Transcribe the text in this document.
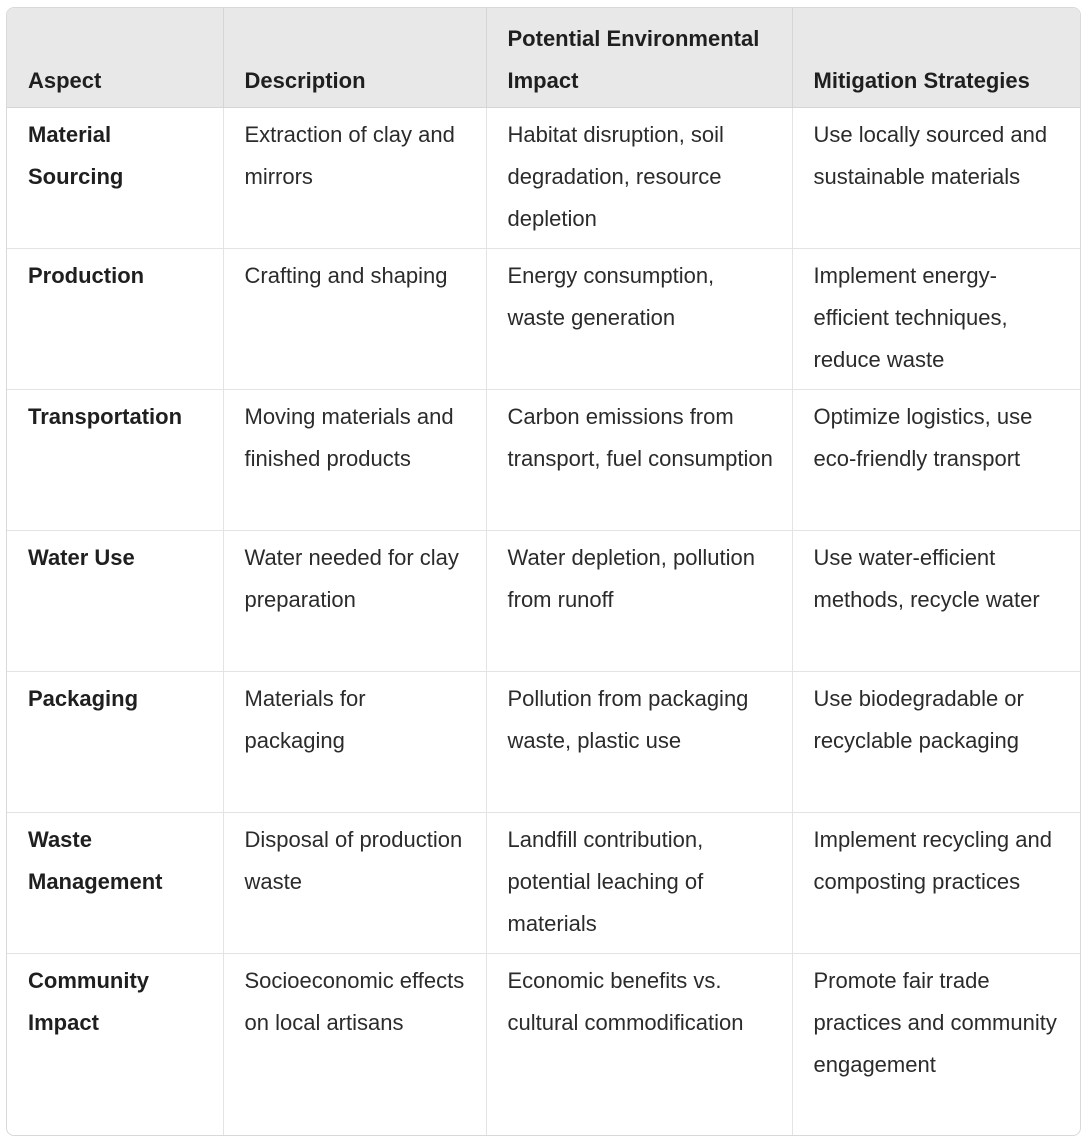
Aspect	Description	Potential Environmental Impact	Mitigation Strategies
Material Sourcing	Extraction of clay and mirrors	Habitat disruption, soil degradation, resource depletion	Use locally sourced and sustainable materials
Production	Crafting and shaping	Energy consumption, waste generation	Implement energy-efficient techniques, reduce waste
Transportation	Moving materials and finished products	Carbon emissions from transport, fuel consumption	Optimize logistics, use eco-friendly transport
Water Use	Water needed for clay preparation	Water depletion, pollution from runoff	Use water-efficient methods, recycle water
Packaging	Materials for packaging	Pollution from packaging waste, plastic use	Use biodegradable or recyclable packaging
Waste Management	Disposal of production waste	Landfill contribution, potential leaching of materials	Implement recycling and composting practices
Community Impact	Socioeconomic effects on local artisans	Economic benefits vs. cultural commodification	Promote fair trade practices and community engagement
